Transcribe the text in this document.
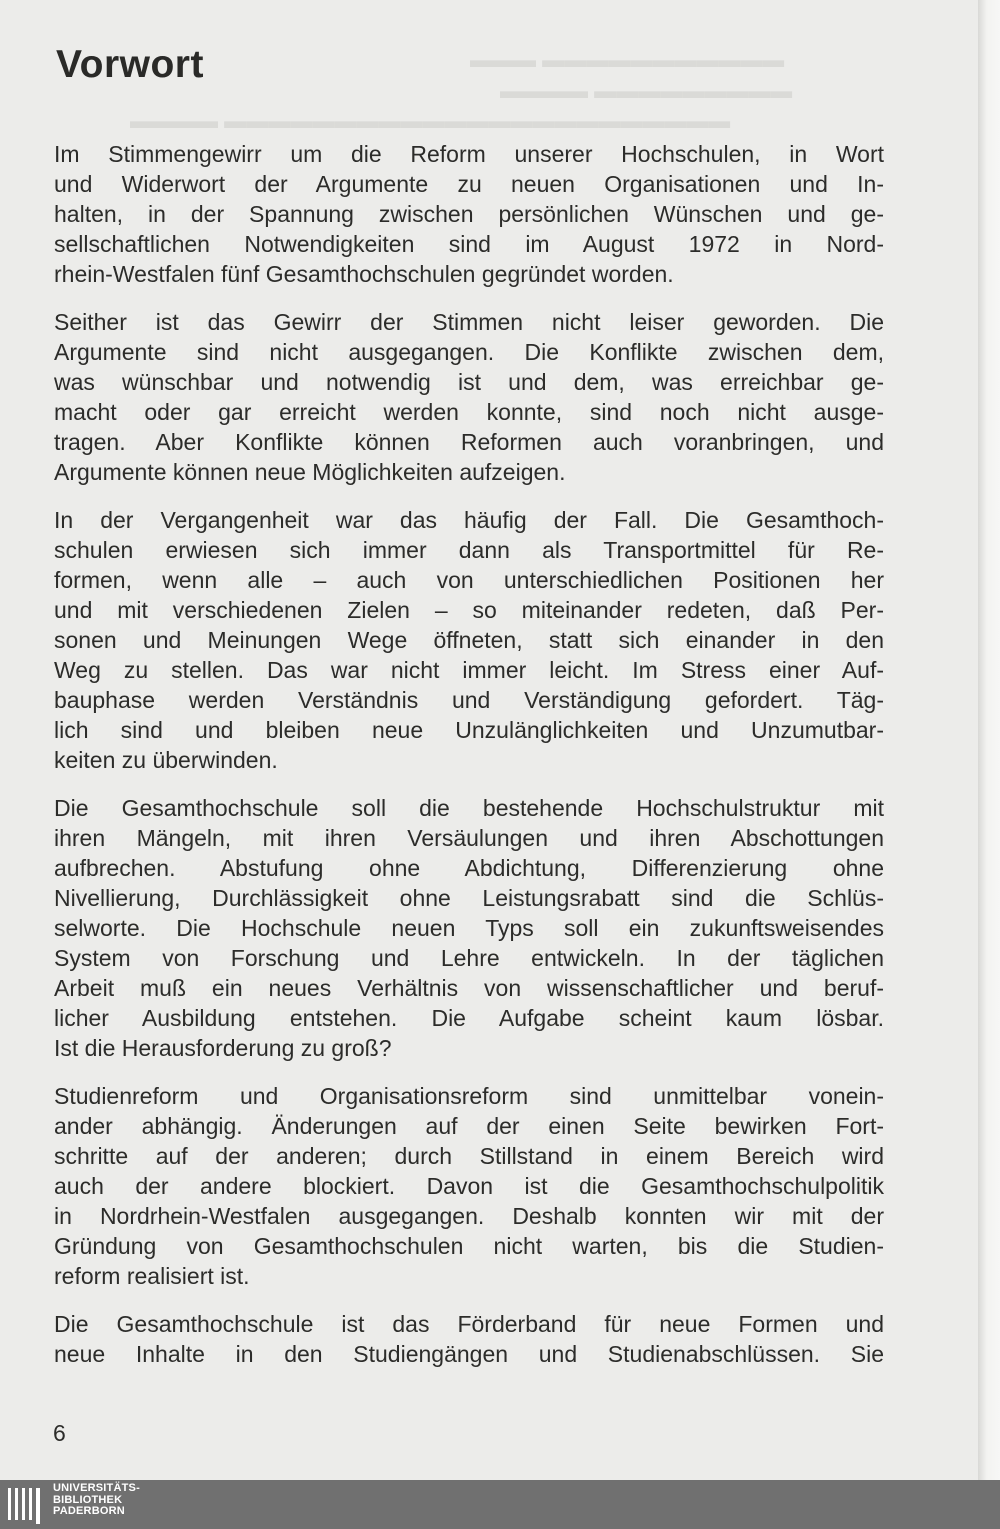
▬▬▬▬▬▬▬▬▬▬▬ ▬▬▬
▬▬▬▬▬▬▬▬▬ ▬▬▬▬
▬▬▬▬▬▬▬▬▬▬▬▬▬▬▬▬▬▬▬▬▬▬▬ ▬▬▬▬
Vorwort

Im Stimmengewirr um die Reform unserer Hochschulen, in Wort
und Widerwort der Argumente zu neuen Organisationen und In-
halten, in der Spannung zwischen persönlichen Wünschen und ge-
sellschaftlichen Notwendigkeiten sind im August 1972 in Nord-
rhein-Westfalen fünf Gesamthochschulen gegründet worden.

Seither ist das Gewirr der Stimmen nicht leiser geworden. Die
Argumente sind nicht ausgegangen. Die Konflikte zwischen dem,
was wünschbar und notwendig ist und dem, was erreichbar ge-
macht oder gar erreicht werden konnte, sind noch nicht ausge-
tragen. Aber Konflikte können Reformen auch voranbringen, und
Argumente können neue Möglichkeiten aufzeigen.

In der Vergangenheit war das häufig der Fall. Die Gesamthoch-
schulen erwiesen sich immer dann als Transportmittel für Re-
formen, wenn alle – auch von unterschiedlichen Positionen her
und mit verschiedenen Zielen – so miteinander redeten, daß Per-
sonen und Meinungen Wege öffneten, statt sich einander in den
Weg zu stellen. Das war nicht immer leicht. Im Stress einer Auf-
bauphase werden Verständnis und Verständigung gefordert. Täg-
lich sind und bleiben neue Unzulänglichkeiten und Unzumutbar-
keiten zu überwinden.

Die Gesamthochschule soll die bestehende Hochschulstruktur mit
ihren Mängeln, mit ihren Versäulungen und ihren Abschottungen
aufbrechen. Abstufung ohne Abdichtung, Differenzierung ohne
Nivellierung, Durchlässigkeit ohne Leistungsrabatt sind die Schlüs-
selworte. Die Hochschule neuen Typs soll ein zukunftsweisendes
System von Forschung und Lehre entwickeln. In der täglichen
Arbeit muß ein neues Verhältnis von wissenschaftlicher und beruf-
licher Ausbildung entstehen. Die Aufgabe scheint kaum lösbar.
Ist die Herausforderung zu groß?

Studienreform und Organisationsreform sind unmittelbar vonein-
ander abhängig. Änderungen auf der einen Seite bewirken Fort-
schritte auf der anderen; durch Stillstand in einem Bereich wird
auch der andere blockiert. Davon ist die Gesamthochschulpolitik
in Nordrhein-Westfalen ausgegangen. Deshalb konnten wir mit der
Gründung von Gesamthochschulen nicht warten, bis die Studien-
reform realisiert ist.

Die Gesamthochschule ist das Förderband für neue Formen und
neue Inhalte in den Studiengängen und Studienabschlüssen. Sie

6
UNIVERSITÄTS-
BIBLIOTHEK
PADERBORN
